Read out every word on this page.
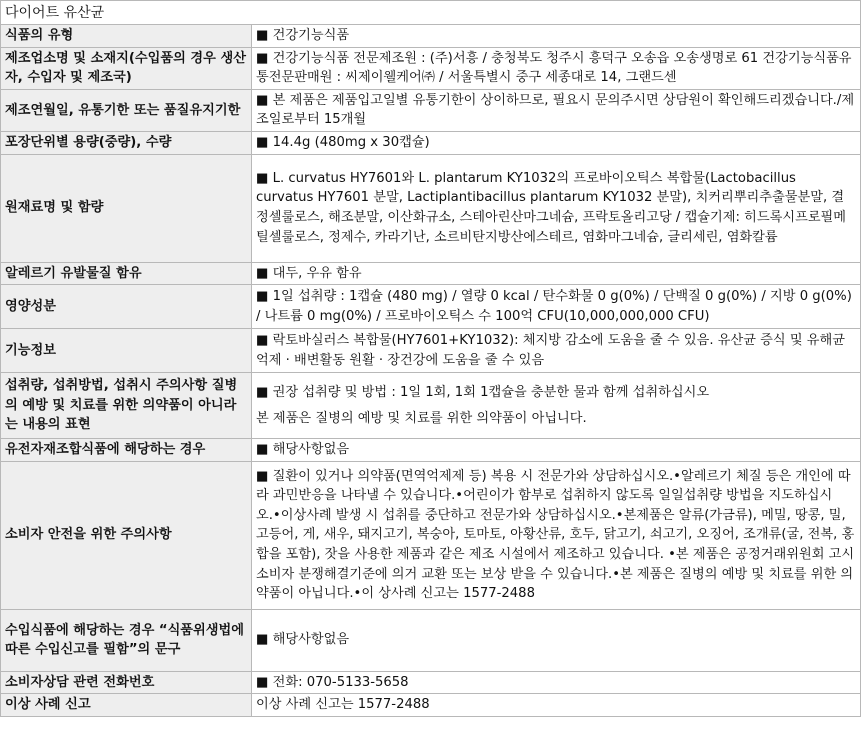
다이어트 유산균
식품의 유형	■ 건강기능식품
제조업소명 및 소재지(수입품의 경우 생산자, 수입자 및 제조국)	■ 건강기능식품 전문제조원 : (주)서흥 / 충청북도 청주시 흥덕구 오송읍 오송생명로 61 건강기능식품유통전문판매원 : 씨제이웰케어㈜ / 서울특별시 중구 세종대로 14, 그랜드센
제조연월일, 유통기한 또는 품질유지기한	■ 본 제품은 제품입고일별 유통기한이 상이하므로, 필요시 문의주시면 상담원이 확인해드리겠습니다./제조일로부터 15개월
포장단위별 용량(중량), 수량	■ 14.4g (480mg x 30캡슐)
원재료명 및 함량	■ L. curvatus HY7601와 L. plantarum KY1032의 프로바이오틱스 복합물(Lactobacillus curvatus HY7601 분말, Lactiplantibacillus plantarum KY1032 분말), 치커리뿌리추출물분말, 결정셀룰로스, 해조분말, 이산화규소, 스테아린산마그네슘, 프락토올리고당 / 캡슐기제: 히드록시프로필메틸셀룰로스, 정제수, 카라기난, 소르비탄지방산에스테르, 염화마그네슘, 글리세린, 염화칼륨
알레르기 유발물질 함유	■ 대두, 우유 함유
영양성분	■ 1일 섭취량 : 1캡슐 (480 mg) / 열량 0 kcal / 탄수화물 0 g(0%) / 단백질 0 g(0%) / 지방 0 g(0%) / 나트륨 0 mg(0%) / 프로바이오틱스 수 100억 CFU(10,000,000,000 CFU)
기능정보	■ 락토바실러스 복합물(HY7601+KY1032): 체지방 감소에 도움을 줄 수 있음. 유산균 증식 및 유해균 억제 · 배변활동 원활 · 장건강에 도움을 줄 수 있음
섭취량, 섭취방법, 섭취시 주의사항 질병의 예방 및 치료를 위한 의약품이 아니라는 내용의 표현	■ 권장 섭취량 및 방법 : 1일 1회, 1회 1캡슐을 충분한 물과 함께 섭취하십시오
본 제품은 질병의 예방 및 치료를 위한 의약품이 아닙니다.

유전자재조합식품에 해당하는 경우	■ 해당사항없음
소비자 안전을 위한 주의사항	■ 질환이 있거나 의약품(면역억제제 등) 복용 시 전문가와 상담하십시오.•알레르기 체질 등은 개인에 따라 과민반응을 나타낼 수 있습니다.•어린이가 함부로 섭취하지 않도록 일일섭취량 방법을 지도하십시오.•이상사례 발생 시 섭취를 중단하고 전문가와 상담하십시오.•본제품은 알류(가금류), 메밀, 땅콩, 밀, 고등어, 게, 새우, 돼지고기, 복숭아, 토마토, 아황산류, 호두, 닭고기, 쇠고기, 오징어, 조개류(굴, 전복, 홍합을 포함), 잣을 사용한 제품과 같은 제조 시설에서 제조하고 있습니다. •본 제품은 공정거래위원회 고시 소비자 분쟁해결기준에 의거 교환 또는 보상 받을 수 있습니다.•본 제품은 질병의 예방 및 치료를 위한 의약품이 아닙니다.•이 상사례 신고는 1577-2488
수입식품에 해당하는 경우 “식품위생법에 따른 수입신고를 필함”의 문구	■ 해당사항없음
소비자상담 관련 전화번호	■ 전화: 070-5133-5658
이상 사례 신고	이상 사례 신고는 1577-2488
